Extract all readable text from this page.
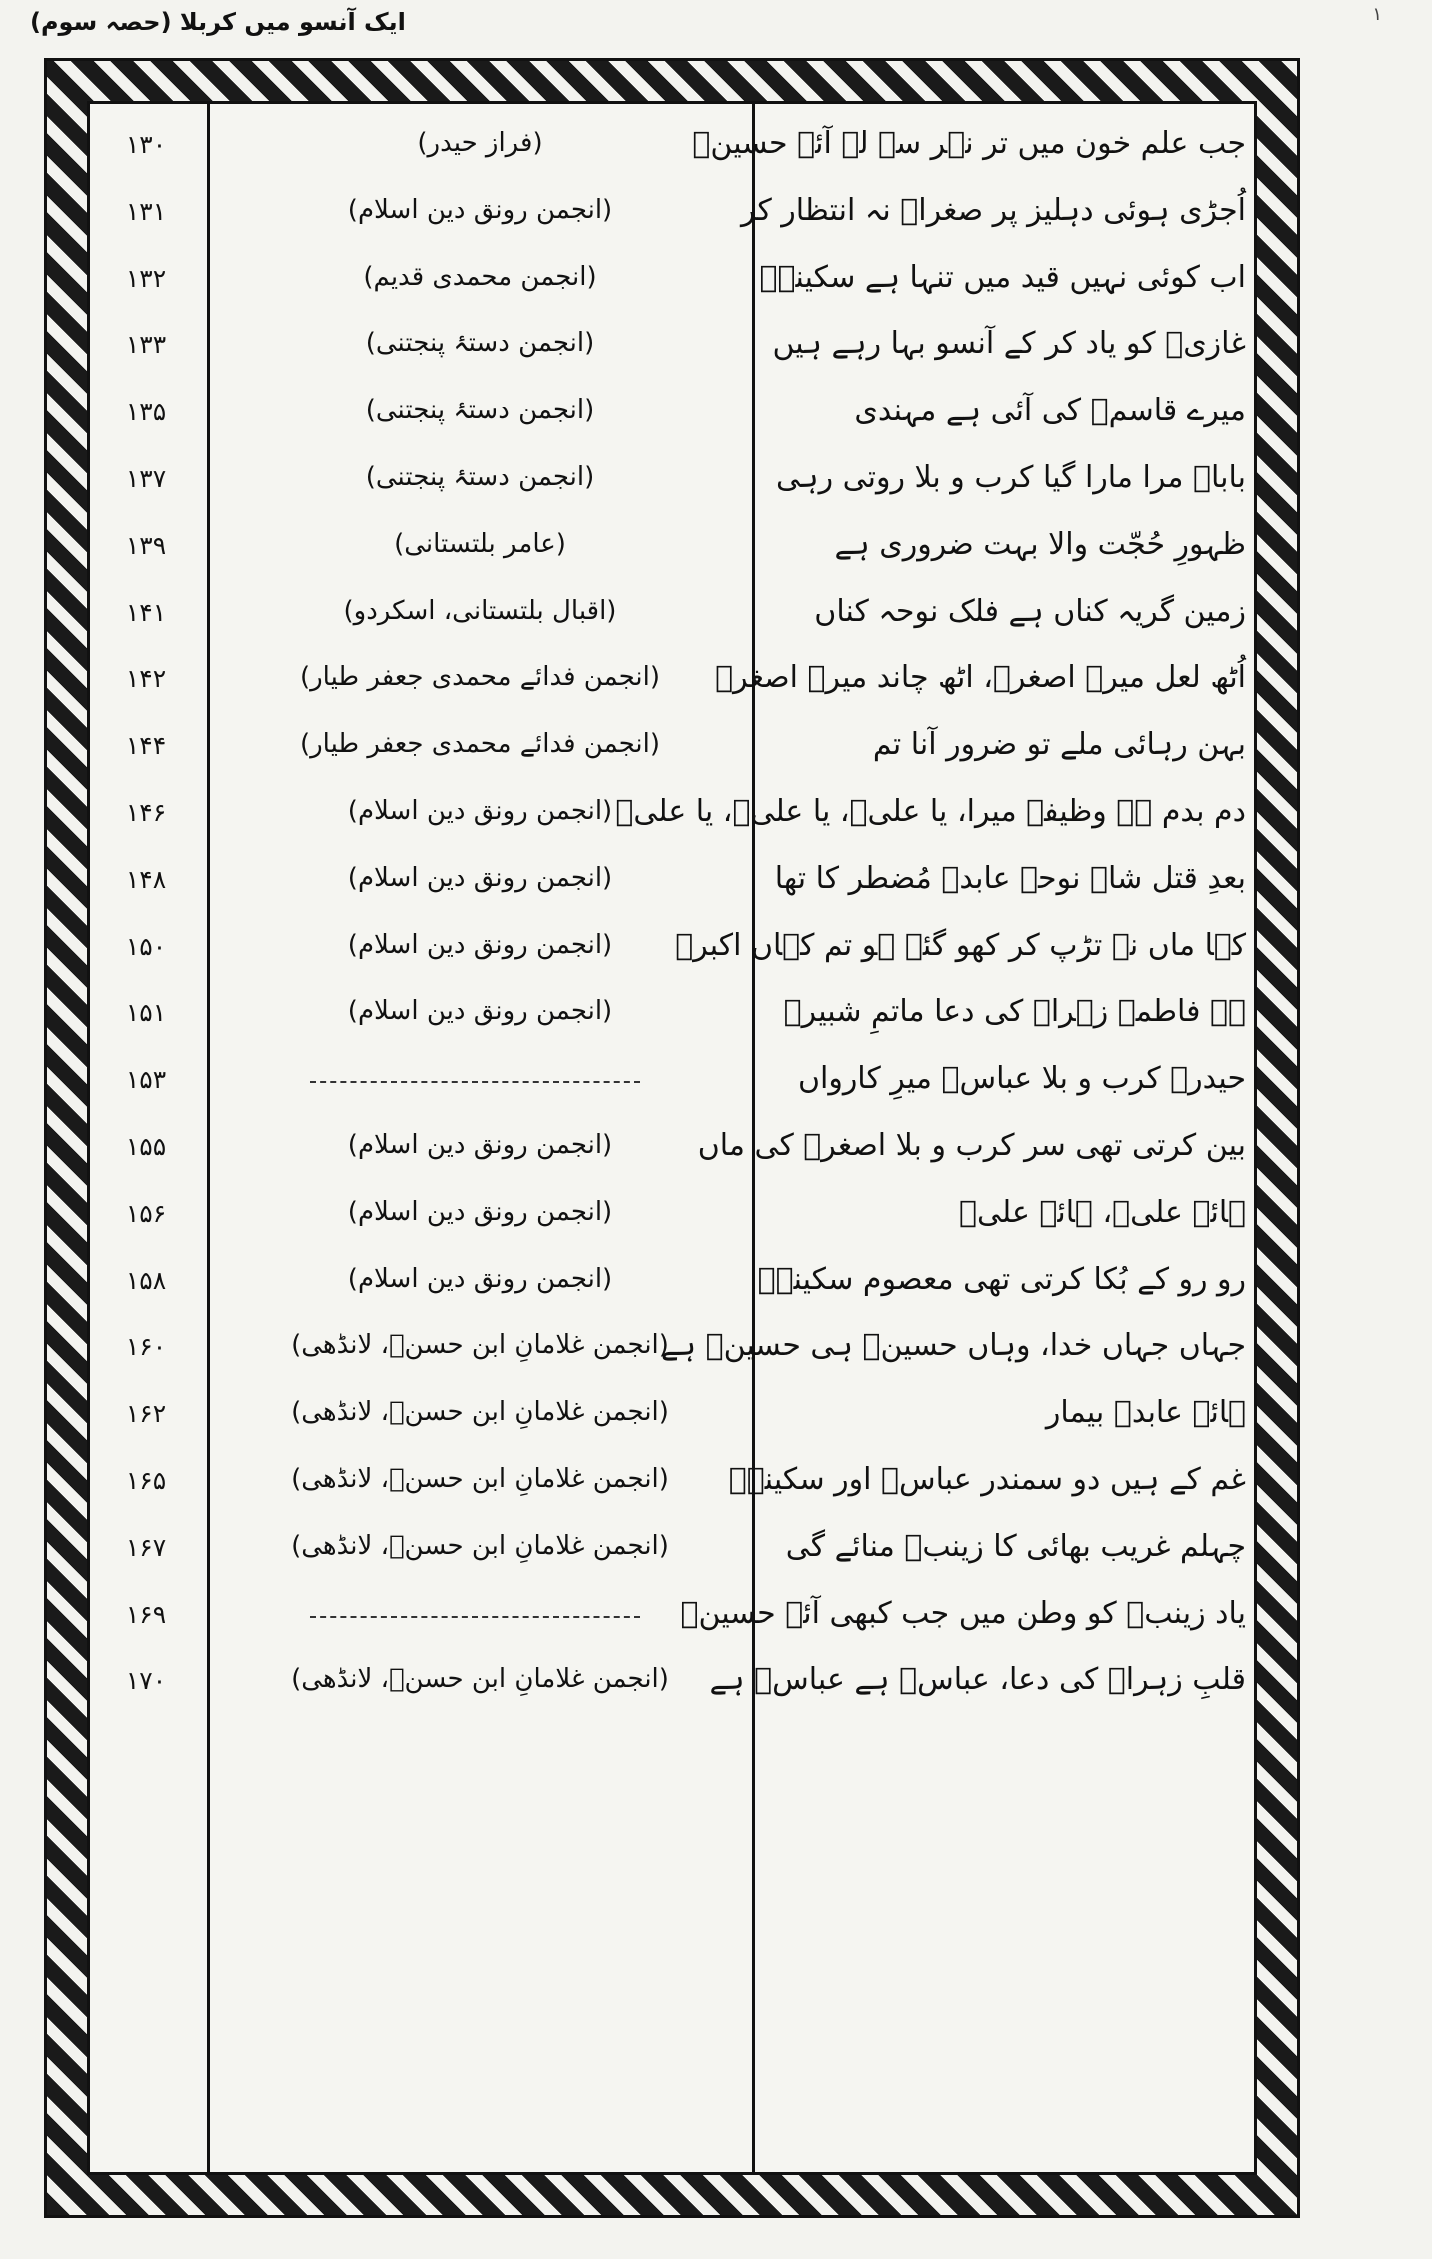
ایک آنسو میں کربلا (حصہ سوم)	۱
جب علم خون میں تر نہر سے لے آئے حسینؑ
(فراز حیدر)
۱۳۰
اُجڑی ہوئی دہلیز پر صغراؑ نہ انتظار کر
(انجمن رونق دین اسلام)
۱۳۱
اب کوئی نہیں قید میں تنہا ہے سکینہؑ
(انجمن محمدی قدیم)
۱۳۲
غازیؑ کو یاد کر کے آنسو بہا رہے ہیں
(انجمن دستۂ پنجتنی)
۱۳۳
میرے قاسمؑ کی آئی ہے مہندی
(انجمن دستۂ پنجتنی)
۱۳۵
باباؑ مرا مارا گیا کرب و بلا روتی رہی
(انجمن دستۂ پنجتنی)
۱۳۷
ظہورِ حُجّت والا بہت ضروری ہے
(عامر بلتستانی)
۱۳۹
زمین گریہ کناں ہے فلک نوحہ کناں
(اقبال بلتستانی، اسکردو)
۱۴۱
اُٹھ لعل میرے اصغرؑ، اٹھ چاند میرے اصغرؑ
(انجمن فدائے محمدی جعفر طیار)
۱۴۲
بہن رہائی ملے تو ضرور آنا تم
(انجمن فدائے محمدی جعفر طیار)
۱۴۴
دم بدم ہے وظیفہ میرا، یا علیؑ، یا علیؑ، یا علیؑ
(انجمن رونق دین اسلام)
۱۴۶
بعدِ قتل شاہ نوحہ عابدؑ مُضطر کا تھا
(انجمن رونق دین اسلام)
۱۴۸
کہا ماں نے تڑپ کر کھو گئے ہو تم کہاں اکبرؑ
(انجمن رونق دین اسلام)
۱۵۰
ہے فاطمہ زہراؑ کی دعا ماتمِ شبیرؑ
(انجمن رونق دین اسلام)
۱۵۱
حیدرؑ کرب و بلا عباسؑ میرِ کارواں
۱۵۳
بین کرتی تھی سر کرب و بلا اصغرؑ کی ماں
(انجمن رونق دین اسلام)
۱۵۵
ہائے علیؑ، ہائے علیؑ
(انجمن رونق دین اسلام)
۱۵۶
رو رو کے بُکا کرتی تھی معصوم سکینہؑ
(انجمن رونق دین اسلام)
۱۵۸
جہاں جہاں خدا، وہاں حسینؑ ہی حسینؑ ہے
(انجمن غلامانِ ابن حسنؑ، لانڈھی)
۱۶۰
ہائے عابدؑ بیمار
(انجمن غلامانِ ابن حسنؑ، لانڈھی)
۱۶۲
غم کے ہیں دو سمندر عباسؑ اور سکینہؑ
(انجمن غلامانِ ابن حسنؑ، لانڈھی)
۱۶۵
چہلم غریب بھائی کا زینبؑ منائے گی
(انجمن غلامانِ ابن حسنؑ، لانڈھی)
۱۶۷
یاد زینبؑ کو وطن میں جب کبھی آئے حسینؑ
۱۶۹
قلبِ زہراؑ کی دعا، عباسؑ ہے عباسؑ ہے
(انجمن غلامانِ ابن حسنؑ، لانڈھی)
۱۷۰
